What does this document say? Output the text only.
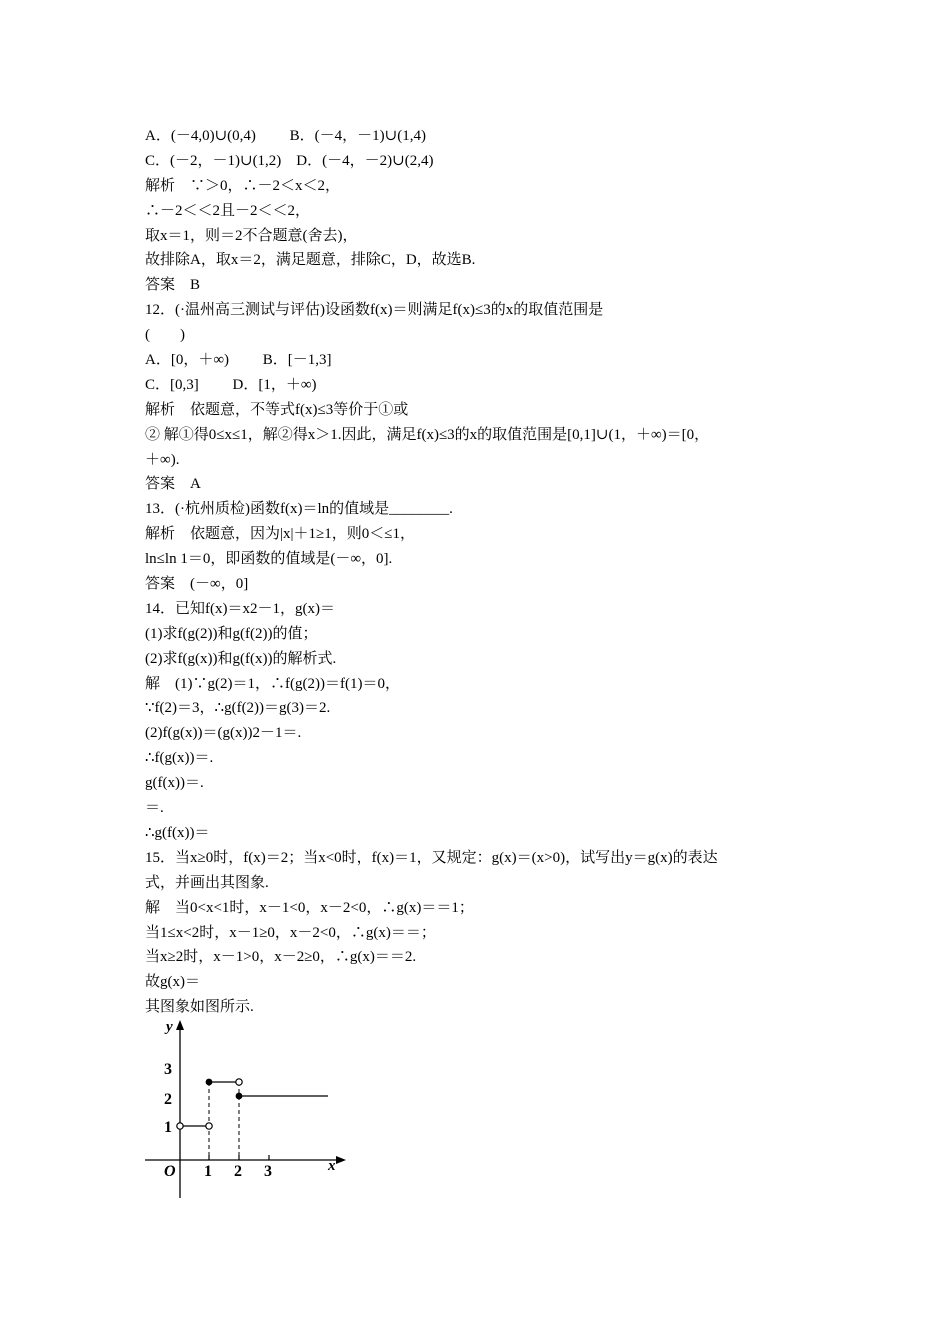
A．(－4,0)∪(0,4)　　 B．(－4，－1)∪(1,4)
C．(－2，－1)∪(1,2)　D．(－4，－2)∪(2,4)
解析　∵＞0，∴－2＜x＜2，
∴－2＜＜2且－2＜＜2，
取x＝1，则＝2不合题意(舍去)，
故排除A，取x＝2，满足题意，排除C，D，故选B.
答案　B
12．(·温州高三测试与评估)设函数f(x)＝则满足f(x)≤3的x的取值范围是
(　　)
A．[0，＋∞)　　 B．[－1,3]
C．[0,3]　　 D．[1，＋∞)
解析　依题意，不等式f(x)≤3等价于①或
② 解①得0≤x≤1，解②得x＞1.因此，满足f(x)≤3的x的取值范围是[0,1]∪(1，＋∞)＝[0，
＋∞).
答案　A
13．(·杭州质检)函数f(x)＝ln的值域是________.
解析　依题意，因为|x|＋1≥1，则0＜≤1，
ln≤ln 1＝0，即函数的值域是(－∞，0].
答案　(－∞，0]
14．已知f(x)＝x2－1，g(x)＝
(1)求f(g(2))和g(f(2))的值；
(2)求f(g(x))和g(f(x))的解析式.
解　(1)∵g(2)＝1，∴f(g(2))＝f(1)＝0，
∵f(2)＝3，∴g(f(2))＝g(3)＝2.
(2)f(g(x))＝(g(x))2－1＝.
∴f(g(x))＝.
g(f(x))＝.
＝.
∴g(f(x))＝
15．当x≥0时，f(x)＝2；当x<0时，f(x)＝1，又规定：g(x)＝(x>0)，试写出y＝g(x)的表达
式，并画出其图象.
解　当0<x<1时，x－1<0，x－2<0，∴g(x)＝＝1；
当1≤x<2时，x－1≥0，x－2<0，∴g(x)＝＝；
当x≥2时，x－1>0，x－2≥0，∴g(x)＝＝2.
故g(x)＝
其图象如图所示.
y
x
O 1 2 3
1
2
3
